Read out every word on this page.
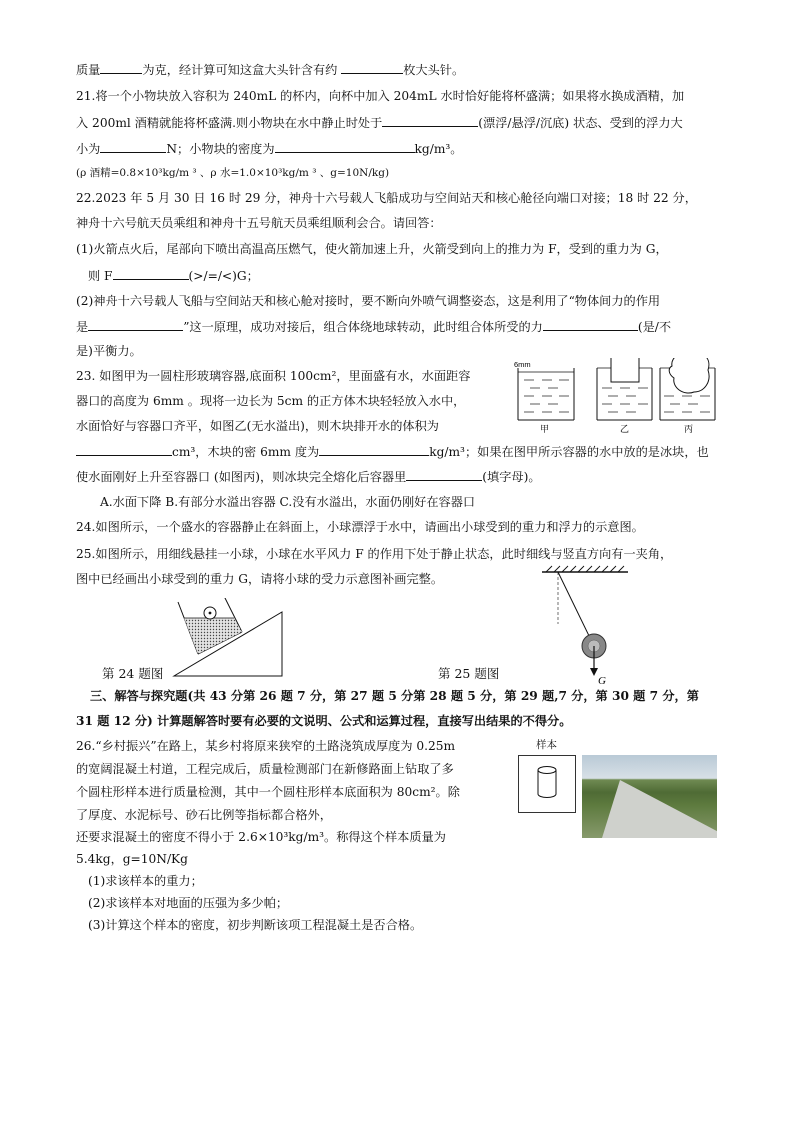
质量	为克，经计算可知这盒大头针含有约	枚大头针。
21.将一个小物块放入容积为 240mL 的杯内，向杯中加入 204mL 水时恰好能将杯盛满；如果将水换成酒精，加
入 200ml 酒精就能将杯盛满.则小物块在水中静止时处于	(漂浮/悬浮/沉底) 状态、受到的浮力大
小为	N；小物块的密度为	kg/m³。
(ρ 酒精=0.8×10³kg/m ³ 、ρ 水=1.0×10³kg/m ³ 、g=10N/kg)
22.2023 年 5 月 30 日 16 时 29 分，神舟十六号载人飞船成功与空间站天和核心舱径向端口对接；18 时 22 分，
神舟十六号航天员乘组和神舟十五号航天员乘组顺利会合。请回答：
(1)火箭点火后，尾部向下喷出高温高压燃气，使火箭加速上升，火箭受到向上的推力为 F，受到的重力为 G，
则 F	(>/=/<)G；
(2)神舟十六号载人飞船与空间站天和核心舱对接时，要不断向外喷气调整姿态，这是利用了“物体间力的作用
是	”这一原理，成功对接后，组合体绕地球转动，此时组合体所受的力	(是/不
是)平衡力。
23. 如图甲为一圆柱形玻璃容器,底面积 100cm²，里面盛有水，水面距容
器口的高度为 6mm 。现将一边长为 5cm 的正方体木块轻轻放入水中，
水面恰好与容器口齐平，如图乙(无水溢出)，则木块排开水的体积为
cm³，木块的密 6mm 度为	kg/m³；如果在图甲所示容器的水中放的是冰块，也
使水面刚好上升至容器口 (如图丙)，则冰块完全熔化后容器里	(填字母)。
A.水面下降 B.有部分水溢出容器 C.没有水溢出，水面仍刚好在容器口
6mm
甲	乙	丙
24.如图所示，一个盛水的容器静止在斜面上，小球漂浮于水中，请画出小球受到的重力和浮力的示意图。
25.如图所示，用细线悬挂一小球，小球在水平风力 F 的作用下处于静止状态，此时细线与竖直方向有一夹角，
图中已经画出小球受到的重力 G，请将小球的受力示意图补画完整。
G
第 24 题图	第 25 题图
三、解答与探究题(共 43 分第 26 题 7 分，第 27 题 5 分第 28 题 5 分，第 29 题,7 分，第 30 题 7 分，第
31 题 12 分) 计算题解答时要有必要的文说明、公式和运算过程，直接写出结果的不得分。
26.“乡村振兴”在路上，某乡村将原来狭窄的土路浇筑成厚度为 0.25m
的宽阔混凝土村道，工程完成后，质量检测部门在新修路面上钻取了多
个圆柱形样本进行质量检测，其中一个圆柱形样本底面积为 80cm²。除
了厚度、水泥标号、砂石比例等指标都合格外，
还要求混凝土的密度不得小于 2.6×10³kg/m³。称得这个样本质量为
5.4kg，g=10N/Kg
(1)求该样本的重力；
(2)求该样本对地面的压强为多少帕；
(3)计算这个样本的密度，初步判断该项工程混凝土是否合格。
样本
